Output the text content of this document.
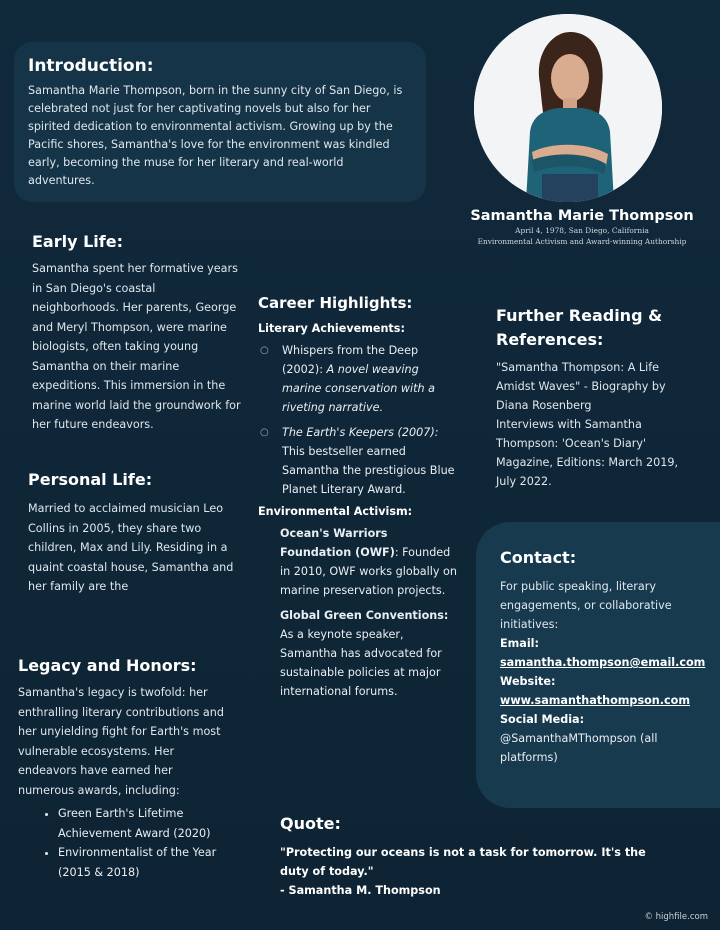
Introduction:

Samantha Marie Thompson, born in the sunny city of San Diego, is celebrated not just for her captivating novels but also for her spirited dedication to environmental activism. Growing up by the Pacific shores, Samantha's love for the environment was kindled early, becoming the muse for her literary and real-world adventures.

Samantha Marie Thompson

April 4, 1978, San Diego, California

Environmental Activism and Award-winning Authorship

Early Life:

Samantha spent her formative years in San Diego's coastal neighborhoods. Her parents, George and Meryl Thompson, were marine biologists, often taking young Samantha on their marine expeditions. This immersion in the marine world laid the groundwork for her future endeavors.

Career Highlights:

Literary Achievements:

○ Whispers from the Deep (2002): A novel weaving marine conservation with a riveting narrative.
○ The Earth's Keepers (2007): This bestseller earned Samantha the prestigious Blue Planet Literary Award.

Environmental Activism:

Ocean's Warriors Foundation (OWF): Founded in 2010, OWF works globally on marine preservation projects.
Global Green Conventions: As a keynote speaker, Samantha has advocated for sustainable policies at major international forums.
Further Reading & References:

"Samantha Thompson: A Life Amidst Waves" - Biography by Diana Rosenberg

Interviews with Samantha Thompson: 'Ocean's Diary' Magazine, Editions: March 2019, July 2022.

Personal Life:

Married to acclaimed musician Leo Collins in 2005, they share two children, Max and Lily. Residing in a quaint coastal house, Samantha and her family are the

Legacy and Honors:

Samantha's legacy is twofold: her enthralling literary contributions and her unyielding fight for Earth's most vulnerable ecosystems. Her endeavors have earned her numerous awards, including:

• Green Earth's Lifetime Achievement Award (2020)
• Environmentalist of the Year (2015 & 2018)
Contact:

For public speaking, literary engagements, or collaborative initiatives:

Email:
samantha.thompson@email.com
Website:
www.samanthathompson.com
Social Media:
@SamanthaMThompson (all platforms)
Quote:
"Protecting our oceans is not a task for tomorrow. It's the duty of today."
- Samantha M. Thompson
© highfile.com
